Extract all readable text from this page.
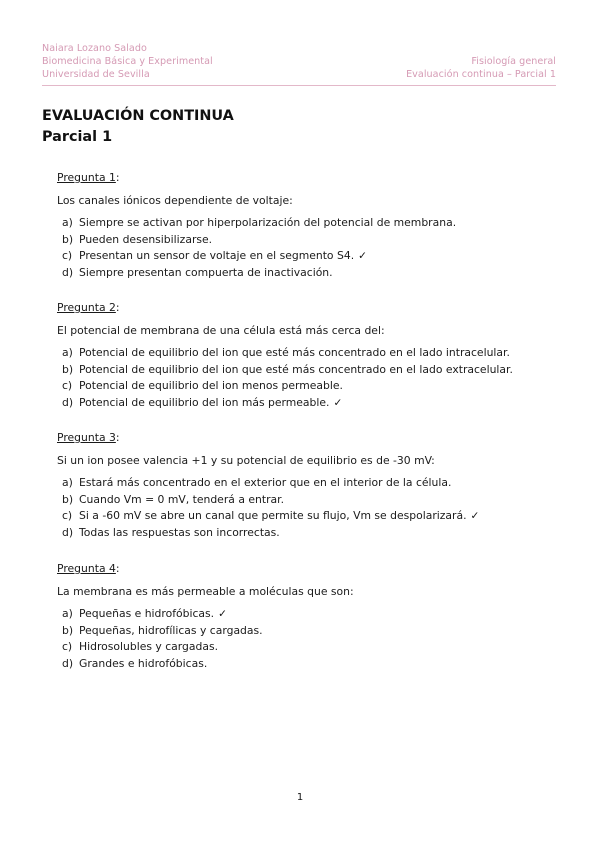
Naiara Lozano Salado
Biomedicina Básica y Experimental
Universidad de Sevilla
Fisiología general
Evaluación continua – Parcial 1
EVALUACIÓN CONTINUA
Parcial 1
Pregunta 1:
Los canales iónicos dependiente de voltaje:
a) Siempre se activan por hiperpolarización del potencial de membrana.
b) Pueden desensibilizarse.
c) Presentan un sensor de voltaje en el segmento S4. ✓
d) Siempre presentan compuerta de inactivación.
Pregunta 2:
El potencial de membrana de una célula está más cerca del:
a) Potencial de equilibrio del ion que esté más concentrado en el lado intracelular.
b) Potencial de equilibrio del ion que esté más concentrado en el lado extracelular.
c) Potencial de equilibrio del ion menos permeable.
d) Potencial de equilibrio del ion más permeable. ✓
Pregunta 3:
Si un ion posee valencia +1 y su potencial de equilibrio es de -30 mV:
a) Estará más concentrado en el exterior que en el interior de la célula.
b) Cuando Vm = 0 mV, tenderá a entrar.
c) Si a -60 mV se abre un canal que permite su flujo, Vm se despolarizará. ✓
d) Todas las respuestas son incorrectas.
Pregunta 4:
La membrana es más permeable a moléculas que son:
a) Pequeñas e hidrofóbicas. ✓
b) Pequeñas, hidrofílicas y cargadas.
c) Hidrosolubles y cargadas.
d) Grandes e hidrofóbicas.
1
